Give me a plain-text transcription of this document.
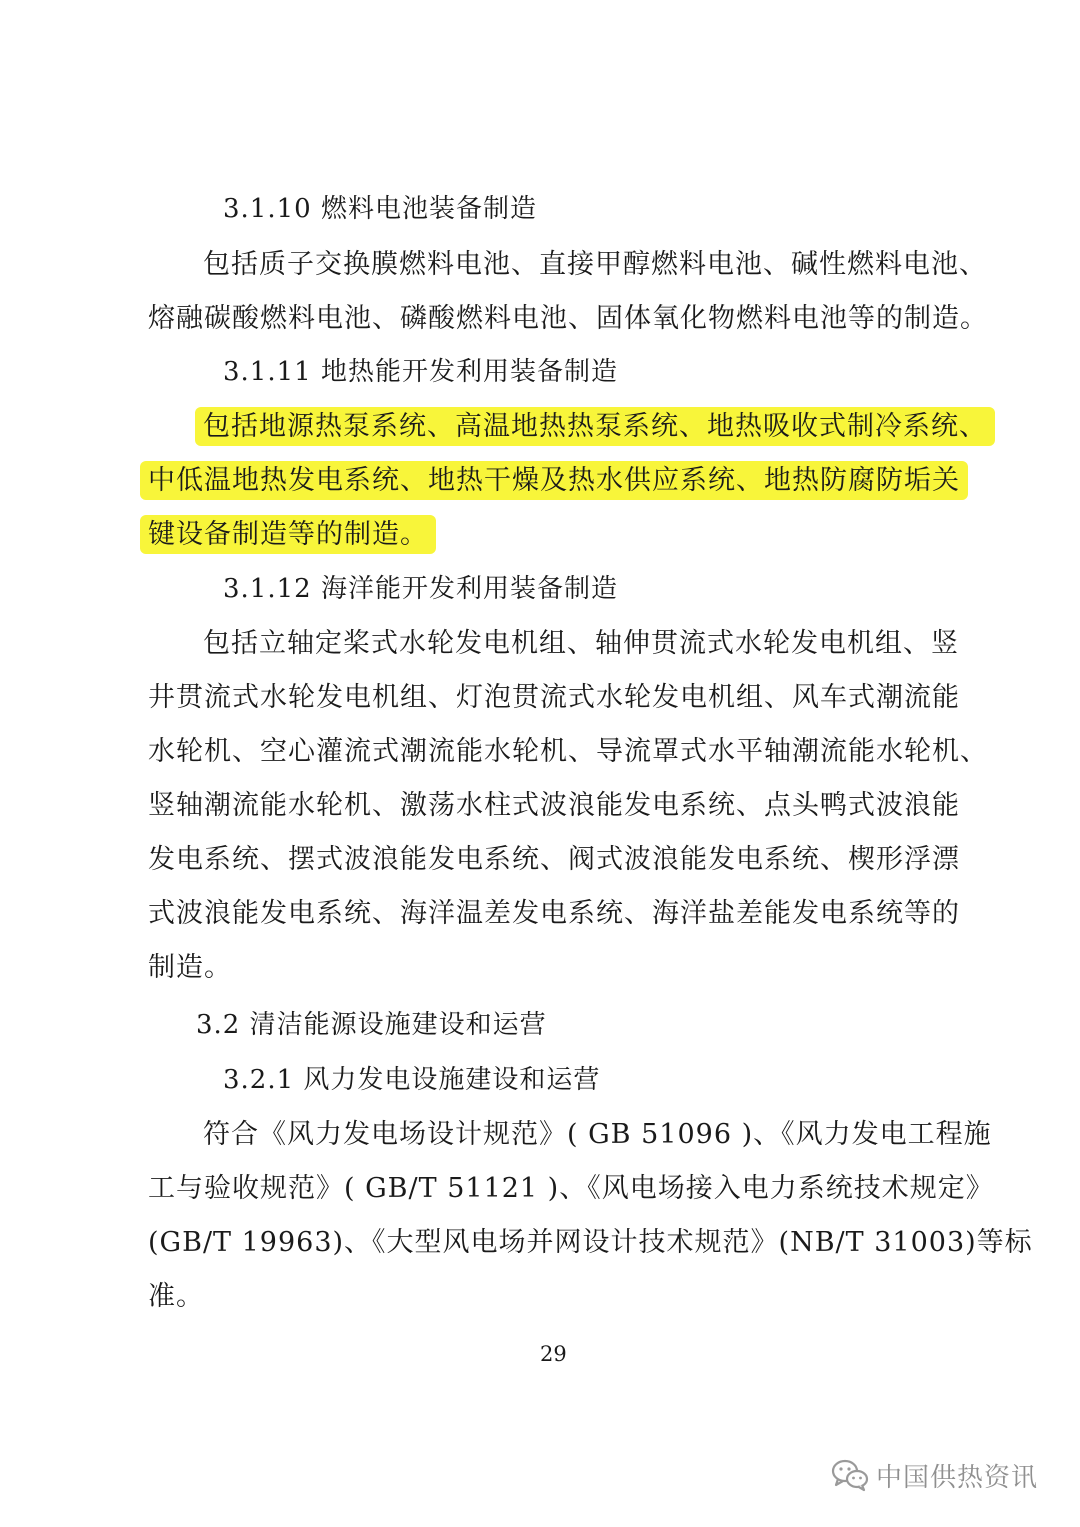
3.1.10 燃料电池装备制造
包括质子交换膜燃料电池、直接甲醇燃料电池、碱性燃料电池、
熔融碳酸燃料电池、磷酸燃料电池、固体氧化物燃料电池等的制造。
3.1.11 地热能开发利用装备制造
包括地源热泵系统、高温地热热泵系统、地热吸收式制冷系统、
中低温地热发电系统、地热干燥及热水供应系统、地热防腐防垢关
键设备制造等的制造。
3.1.12 海洋能开发利用装备制造
包括立轴定桨式水轮发电机组、轴伸贯流式水轮发电机组、竖
井贯流式水轮发电机组、灯泡贯流式水轮发电机组、风车式潮流能
水轮机、空心灌流式潮流能水轮机、导流罩式水平轴潮流能水轮机、
竖轴潮流能水轮机、激荡水柱式波浪能发电系统、点头鸭式波浪能
发电系统、摆式波浪能发电系统、阀式波浪能发电系统、楔形浮漂
式波浪能发电系统、海洋温差发电系统、海洋盐差能发电系统等的
制造。
3.2 清洁能源设施建设和运营
3.2.1 风力发电设施建设和运营
符合《风力发电场设计规范》( GB 51096 )、《风力发电工程施
工与验收规范》( GB/T 51121 )、《风电场接入电力系统技术规定》
(GB/T 19963)、《大型风电场并网设计技术规范》(NB/T 31003)等标
准。
29
中国供热资讯
